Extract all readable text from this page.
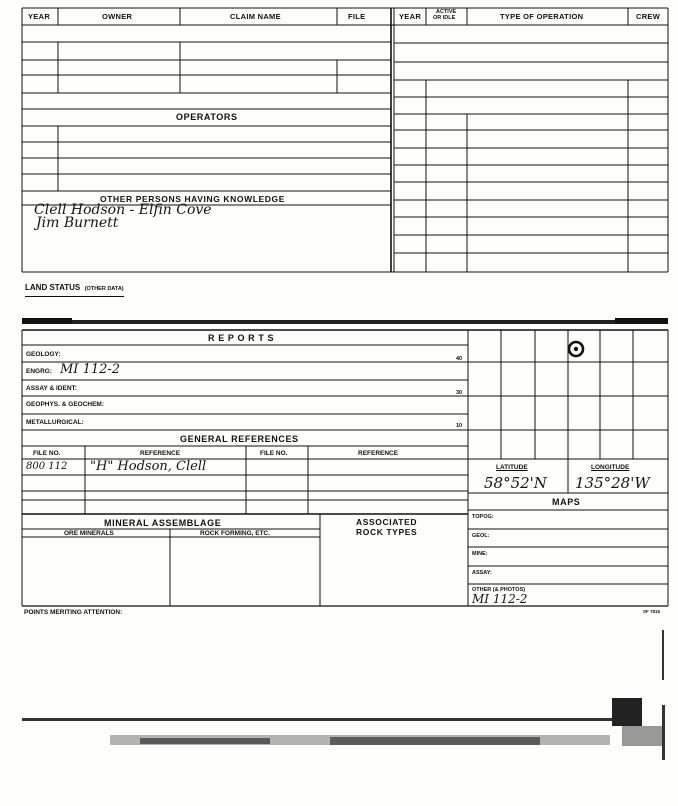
YEAR	OWNER	CLAIM NAME	FILE	YEAR	ACTIVE
OR IDLE	TYPE OF OPERATION	CREW
OPERATORS
OTHER PERSONS HAVING KNOWLEDGE
Clell Hodson - Elfin Cove
Jim Burnett
LAND STATUS (OTHER DATA)
R E P O R T S
GEOLOGY:
ENGRG: MI 112-2
ASSAY & IDENT:
GEOPHYS. & GEOCHEM:
METALLURGICAL:
40
30
10
GENERAL REFERENCES
FILE NO.	REFERENCE	FILE NO.	REFERENCE
800 112 "H" Hodson, Clell
MINERAL ASSEMBLAGE
ORE MINERALS	ROCK FORMING, ETC.
ASSOCIATED
ROCK TYPES
LATITUDE	LONGITUDE
58°52'N 135°28'W
MAPS
TOPOG:
GEOL:
MINE:
ASSAY:
OTHER (& PHOTOS)
MI 112-2
POINTS MERITING ATTENTION:	SF 7815
